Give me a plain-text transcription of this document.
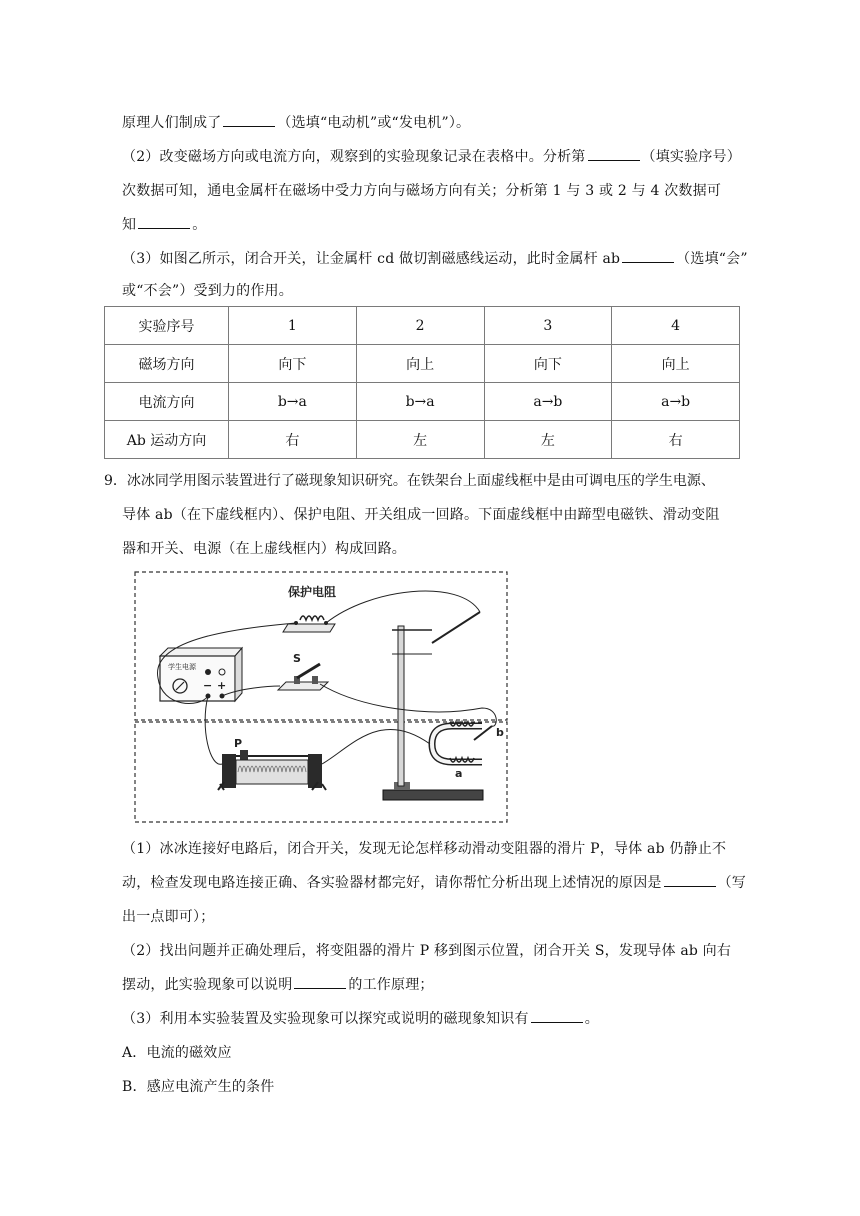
原理人们制成了	（选填“电动机”或“发电机”）。
（2）改变磁场方向或电流方向，观察到的实验现象记录在表格中。分析第	（填实验序号）
次数据可知，通电金属杆在磁场中受力方向与磁场方向有关；分析第 1 与 3 或 2 与 4 次数据可
知	。
（3）如图乙所示，闭合开关，让金属杆 cd 做切割磁感线运动，此时金属杆 ab	（选填“会”
或“不会”）受到力的作用。
实验序号	1	2	3	4
磁场方向	向下	向上	向下	向上
电流方向	b→a	b→a	a→b	a→b
Ab 运动方向	右	左	左	右
9．冰冰同学用图示装置进行了磁现象知识研究。在铁架台上面虚线框中是由可调电压的学生电源、
导体 ab（在下虚线框内）、保护电阻、开关组成一回路。下面虚线框中由蹄型电磁铁、滑动变阻
器和开关、电源（在上虚线框内）构成回路。
保护电阻
学生电源
− +
S
a
b
P
（1）冰冰连接好电路后，闭合开关，发现无论怎样移动滑动变阻器的滑片 P，导体 ab 仍静止不
动，检查发现电路连接正确、各实验器材都完好，请你帮忙分析出现上述情况的原因是	（写
出一点即可）；
（2）找出问题并正确处理后，将变阻器的滑片 P 移到图示位置，闭合开关 S，发现导体 ab 向右
摆动，此实验现象可以说明	的工作原理；
（3）利用本实验装置及实验现象可以探究或说明的磁现象知识有	。
A．电流的磁效应
B．感应电流产生的条件
